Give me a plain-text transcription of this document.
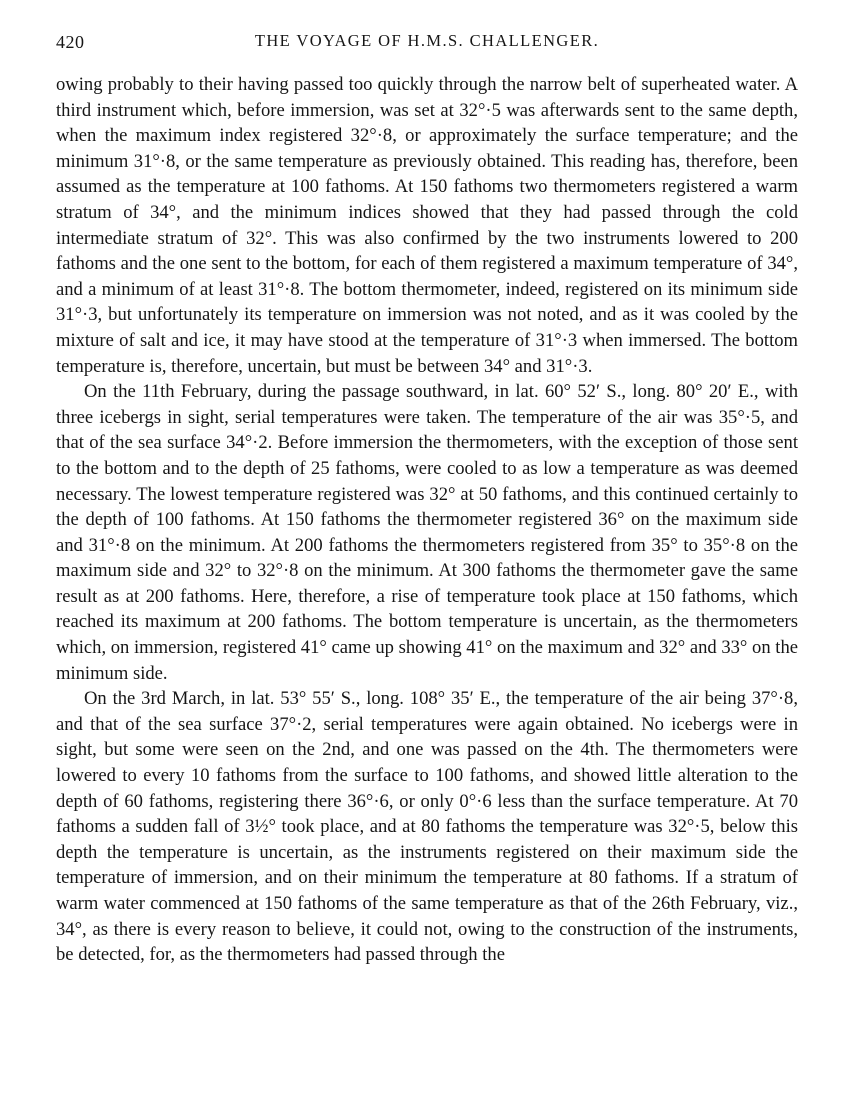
420	THE VOYAGE OF H.M.S. CHALLENGER.

owing probably to their having passed too quickly through the narrow belt of superheated water. A third instrument which, before immersion, was set at 32°·5 was afterwards sent to the same depth, when the maximum index registered 32°·8, or approximately the surface temperature; and the minimum 31°·8, or the same temperature as previously obtained. This reading has, therefore, been assumed as the temperature at 100 fathoms. At 150 fathoms two thermometers registered a warm stratum of 34°, and the minimum indices showed that they had passed through the cold intermediate stratum of 32°. This was also confirmed by the two instruments lowered to 200 fathoms and the one sent to the bottom, for each of them registered a maximum temperature of 34°, and a minimum of at least 31°·8. The bottom thermometer, indeed, registered on its minimum side 31°·3, but unfortunately its temperature on immersion was not noted, and as it was cooled by the mixture of salt and ice, it may have stood at the temperature of 31°·3 when immersed. The bottom temperature is, therefore, uncertain, but must be between 34° and 31°·3.

On the 11th February, during the passage southward, in lat. 60° 52′ S., long. 80° 20′ E., with three icebergs in sight, serial temperatures were taken. The temperature of the air was 35°·5, and that of the sea surface 34°·2. Before immersion the thermometers, with the exception of those sent to the bottom and to the depth of 25 fathoms, were cooled to as low a temperature as was deemed necessary. The lowest temperature registered was 32° at 50 fathoms, and this continued certainly to the depth of 100 fathoms. At 150 fathoms the thermometer registered 36° on the maximum side and 31°·8 on the minimum. At 200 fathoms the thermometers registered from 35° to 35°·8 on the maximum side and 32° to 32°·8 on the minimum. At 300 fathoms the thermometer gave the same result as at 200 fathoms. Here, therefore, a rise of temperature took place at 150 fathoms, which reached its maximum at 200 fathoms. The bottom temperature is uncertain, as the thermometers which, on immersion, registered 41° came up showing 41° on the maximum and 32° and 33° on the minimum side.

On the 3rd March, in lat. 53° 55′ S., long. 108° 35′ E., the temperature of the air being 37°·8, and that of the sea surface 37°·2, serial temperatures were again obtained. No icebergs were in sight, but some were seen on the 2nd, and one was passed on the 4th. The thermometers were lowered to every 10 fathoms from the surface to 100 fathoms, and showed little alteration to the depth of 60 fathoms, registering there 36°·6, or only 0°·6 less than the surface temperature. At 70 fathoms a sudden fall of 3½° took place, and at 80 fathoms the temperature was 32°·5, below this depth the temperature is uncertain, as the instruments registered on their maximum side the temperature of immersion, and on their minimum the temperature at 80 fathoms. If a stratum of warm water commenced at 150 fathoms of the same temperature as that of the 26th February, viz., 34°, as there is every reason to believe, it could not, owing to the construction of the instruments, be detected, for, as the thermometers had passed through the
